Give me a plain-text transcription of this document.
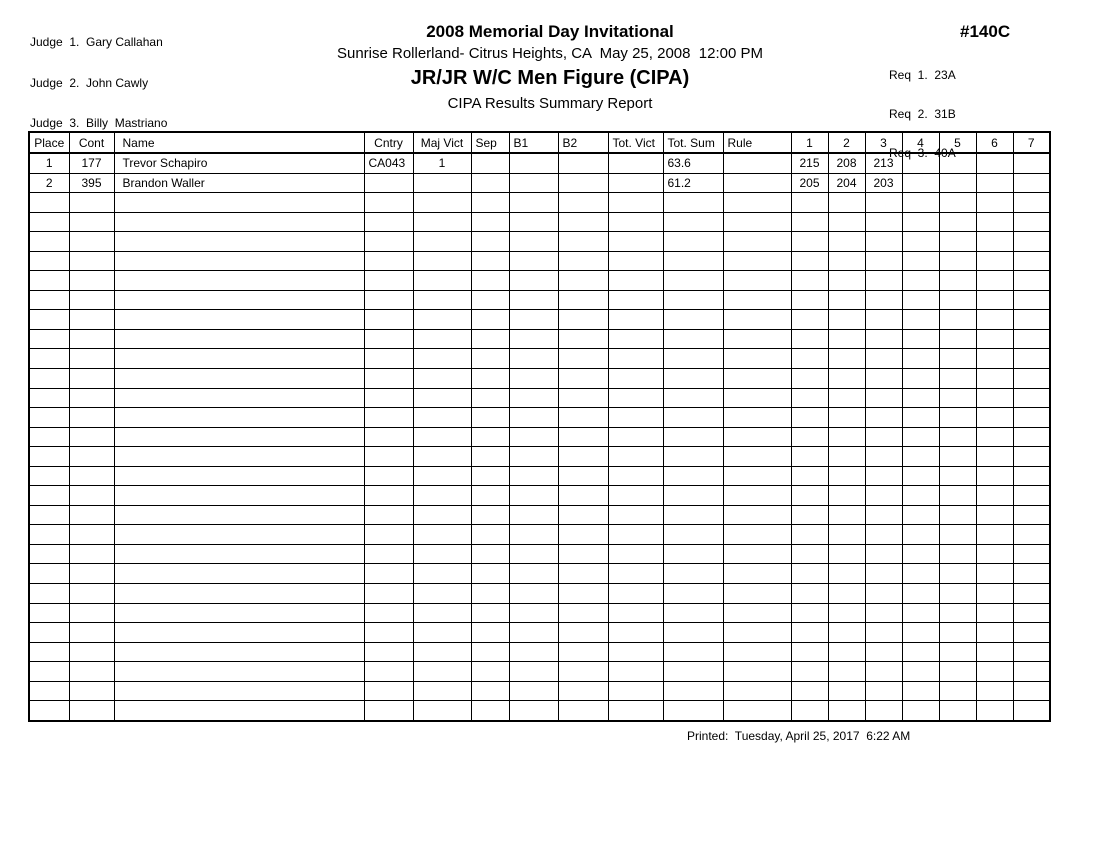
Judge  1.  Gary Callahan

Judge  2.  John Cawly

Judge  3.  Billy  Mastriano

2008 Memorial Day Invitational
Sunrise Rollerland- Citrus Heights, CA  May 25, 2008  12:00 PM
JR/JR W/C Men Figure (CIPA)
CIPA Results Summary Report
#140C

Req  1.  23A

Req  2.  31B

Req  3.  40A

Place	Cont	Name	Cntry	Maj Vict	Sep	B1	B2	Tot. Vict	Tot. Sum	Rule	1	2	3	4	5	6	7
1	177	Trevor Schapiro	CA043	1					63.6		215	208	213				
2	395	Brandon Waller							61.2		205	204	203				

Printed:  Tuesday, April 25, 2017  6:22 AM
